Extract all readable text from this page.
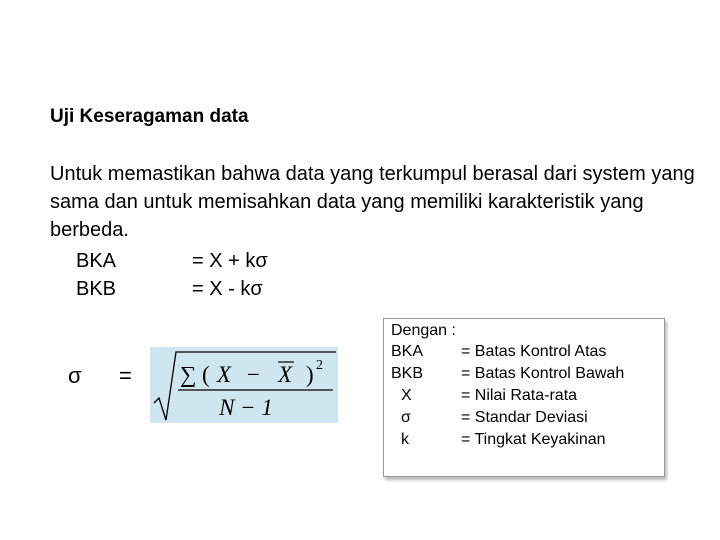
Uji Keseragaman data
Untuk memastikan bahwa data yang terkumpul berasal dari system yang sama dan untuk memisahkan data yang memiliki karakteristik yang berbeda.
BKA	= X + kσ
BKB	= X - kσ
σ = ∑ ( X − X ) 2
N − 1
Dengan :
BKA = Batas Kontrol Atas
BKB = Batas Kontrol Bawah
X	= Nilai Rata-rata
σ	= Standar Deviasi
k	= Tingkat Keyakinan
